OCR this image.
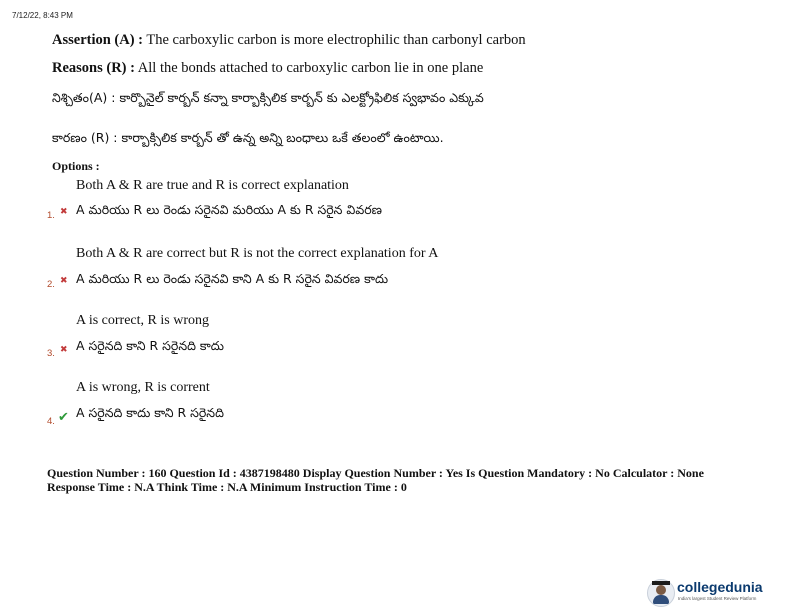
7/12/22, 8:43 PM
Assertion (A) : The carboxylic carbon is more electrophilic than carbonyl carbon
Reasons (R) : All the bonds attached to carboxylic carbon lie in one plane
నిశ్చితం(A) : కార్బొనైల్ కార్బన్ కన్నా కార్బాక్సిలిక కార్బన్ కు ఎలక్ట్రోఫిలిక స్వభావం ఎక్కువ
కారణం (R) : కార్బాక్సిలిక కార్బన్ తో ఉన్న అన్ని బంధాలు ఒకే తలంలో ఉంటాయి.
Options :
Both A & R are true and R is correct explanation
1. ✖ A మరియు R లు రెండు సరైనవి మరియు A కు R సరైన వివరణ
Both A & R are correct but R is not the correct explanation for A
2. ✖ A మరియు R లు రెండు సరైనవి కాని A కు R సరైన వివరణ కాదు
A is correct, R is wrong
3. ✖ A సరైనది కాని R సరైనది కాదు
A is wrong, R is corrent
4. ✔ A సరైనది కాదు కాని R సరైనది
Question Number : 160 Question Id : 4387198480 Display Question Number : Yes Is Question Mandatory : No Calculator : None
Response Time : N.A Think Time : N.A Minimum Instruction Time : 0
collegedunia
India's largest Student Review Platform
